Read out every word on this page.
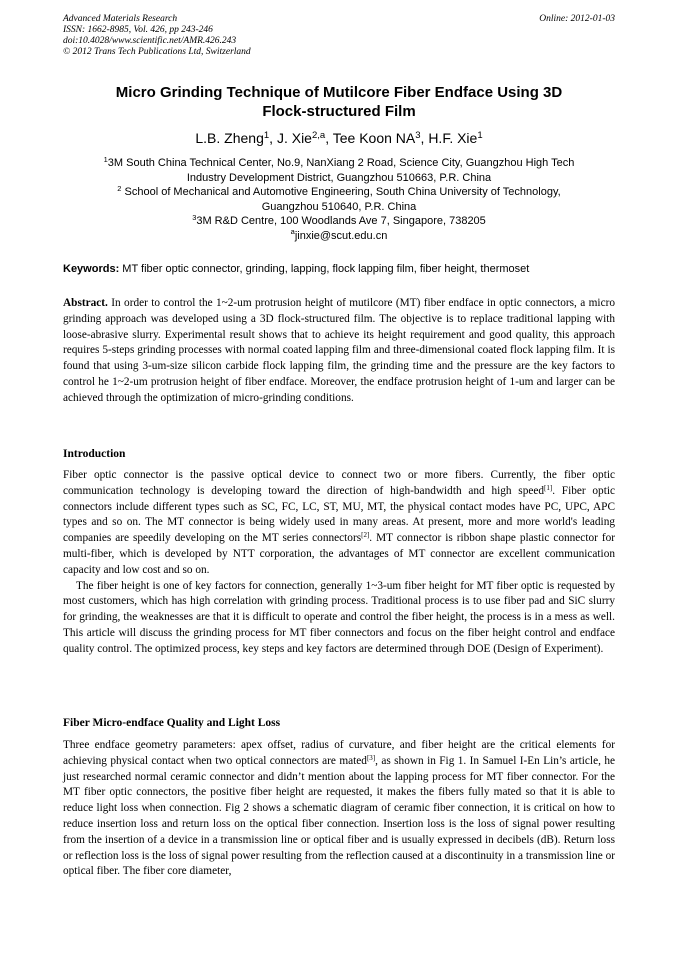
Advanced Materials Research
ISSN: 1662-8985, Vol. 426, pp 243-246
doi:10.4028/www.scientific.net/AMR.426.243
© 2012 Trans Tech Publications Ltd, Switzerland
Online: 2012-01-03
Micro Grinding Technique of Mutilcore Fiber Endface Using 3D
Flock-structured Film
L.B. Zheng$^1$, J. Xie$^{2,a}$, Tee Koon $NA^3$, H.F. Xie$^1$
$^1$3M South China Technical Center, No.9, NanXiang 2 Road, Science City, Guangzhou High Tech
Industry Development District, Guangzhou 510663, P.R. China
$^2$ School of Mechanical and Automotive Engineering, South China University of Technology,
Guangzhou 510640, P.R. China
$^3$3M R&D Centre, 100 Woodlands Ave 7, Singapore, 738205
$^a$jinxie@scut.edu.cn
Keywords: MT fiber optic connector, grinding, lapping, flock lapping film, fiber height, thermoset

Abstract. In order to control the 1~2-um protrusion height of mutilcore (MT) fiber endface in optic connectors, a micro grinding approach was developed using a 3D flock-structured film. The objective is to replace traditional lapping with loose-abrasive slurry. Experimental result shows that to achieve its height requirement and good quality, this approach requires 5-steps grinding processes with normal coated lapping film and three-dimensional coated flock lapping film. It is found that using 3-um-size silicon carbide flock lapping film, the grinding time and the pressure are the key factors to control he 1~2-um protrusion height of fiber endface. Moreover, the endface protrusion height of 1-um and larger can be achieved through the optimization of micro-grinding conditions.

Introduction

Fiber optic connector is the passive optical device to connect two or more fibers. Currently, the fiber optic communication technology is developing toward the direction of high-bandwidth and high speed[1]. Fiber optic connectors include different types such as SC, FC, LC, ST, MU, MT, the physical contact modes have PC, UPC, APC types and so on. The MT connector is being widely used in many areas. At present, more and more world's leading companies are speedily developing on the MT series connectors[2]. MT connector is ribbon shape plastic connector for multi-fiber, which is developed by NTT corporation, the advantages of MT connector are excellent communication capacity and low cost and so on.

The fiber height is one of key factors for connection, generally 1~3-um fiber height for MT fiber optic is requested by most customers, which has high correlation with grinding process. Traditional process is to use fiber pad and SiC slurry for grinding, the weaknesses are that it is difficult to operate and control the fiber height, the process is in a mess as well. This article will discuss the grinding process for MT fiber connectors and focus on the fiber height control and endface quality control. The optimized process, key steps and key factors are determined through DOE (Design of Experiment).

Fiber Micro-endface Quality and Light Loss

Three endface geometry parameters: apex offset, radius of curvature, and fiber height are the critical elements for achieving physical contact when two optical connectors are mated[3], as shown in Fig 1. In Samuel I-En Lin’s article, he just researched normal ceramic connector and didn’t mention about the lapping process for MT fiber connector. For the MT fiber optic connectors, the positive fiber height are requested, it makes the fibers fully mated so that it is able to reduce light loss when connection. Fig 2 shows a schematic diagram of ceramic fiber connection, it is critical on how to reduce insertion loss and return loss on the optical fiber connection. Insertion loss is the loss of signal power resulting from the insertion of a device in a transmission line or optical fiber and is usually expressed in decibels (dB). Return loss or reflection loss is the loss of signal power resulting from the reflection caused at a discontinuity in a transmission line or optical fiber. The fiber core diameter,
